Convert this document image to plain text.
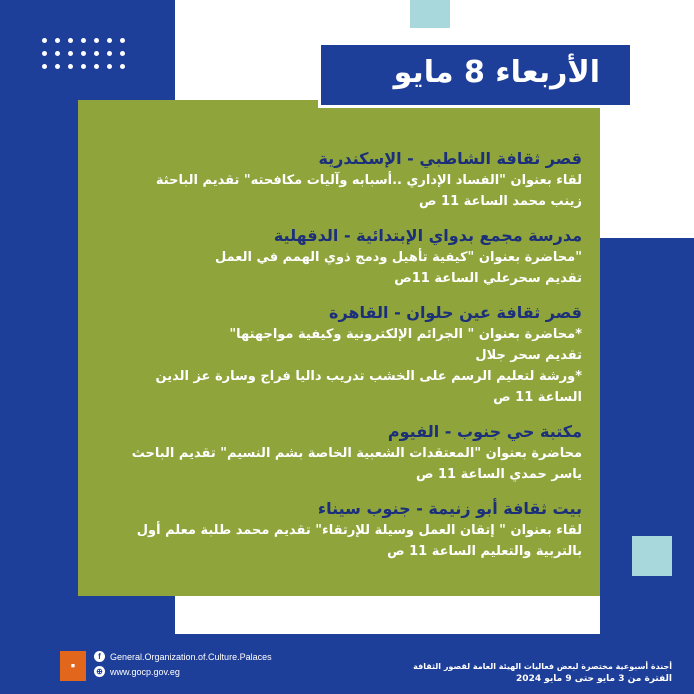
الأربعاء 8 مايو
قصر ثقافة الشاطبي - الإسكندرية
لقاء بعنوان "الفساد الإداري ..أسبابه وآليات مكافحته" تقديم الباحثة
زينب محمد الساعة 11 ص
مدرسة مجمع بدواي الإبتدائية - الدقهلية
"محاضرة بعنوان "كيفية تأهيل ودمج ذوي الهمم في العمل
تقديم سحرعلي الساعة 11ص
قصر ثقافة عين حلوان - القاهرة
*محاضرة بعنوان " الجرائم الإلكترونية وكيفية مواجهتها"
تقديم سحر جلال
*ورشة لتعليم الرسم على الخشب تدريب داليا فراج وسارة عز الدين
الساعة 11 ص
مكتبة حي جنوب - الفيوم
محاضرة بعنوان "المعتقدات الشعبية الخاصة بشم النسيم" تقديم الباحث
ياسر حمدي الساعة 11 ص
بيت ثقافة أبو زنيمة - جنوب سيناء
لقاء بعنوان " إتقان العمل وسيلة للإرتقاء" تقديم محمد طلبة معلم أول
بالتربية والتعليم الساعة 11 ص
◼
f	General.Organization.of.Culture.Palaces
⊕ www.gocp.gov.eg	أجندة أسبوعية مختصرة لبعض فعاليات الهيئة العامة لقصور الثقافة
الفترة من 3 مايو حتى 9 مايو 2024
